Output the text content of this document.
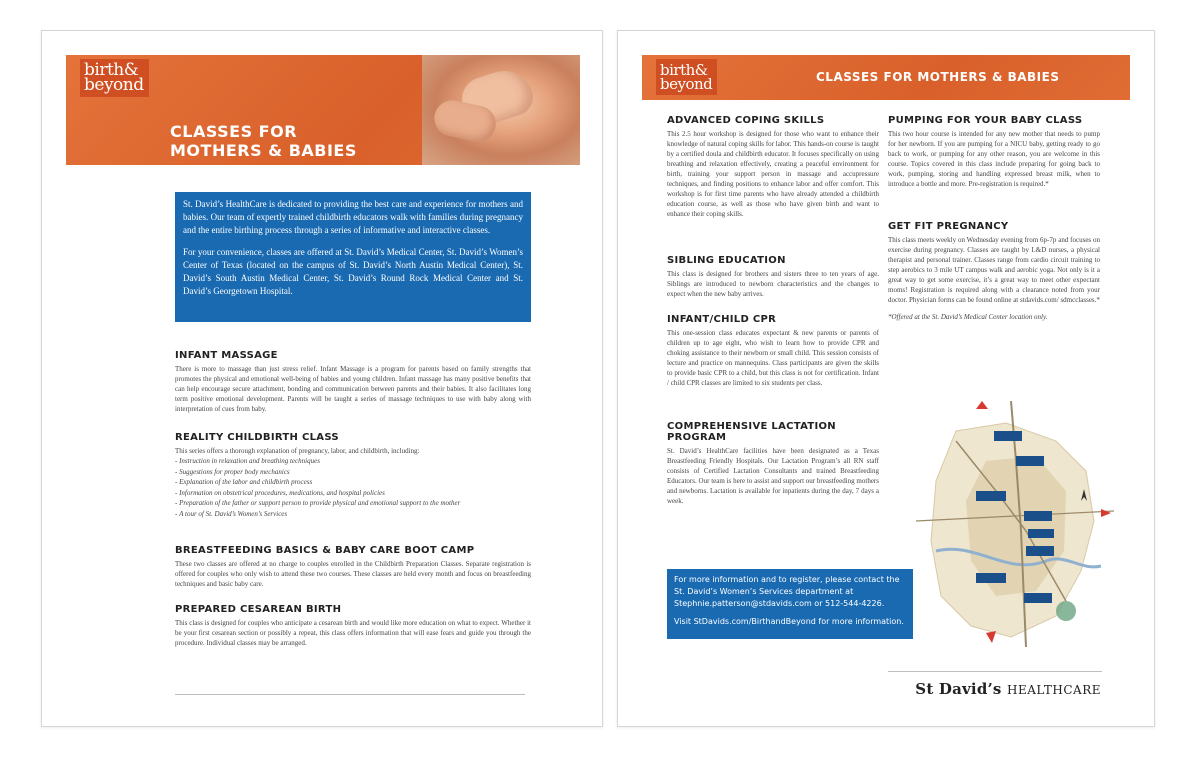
birth&
beyond
CLASSES FOR
MOTHERS & BABIES

St. David’s HealthCare is dedicated to providing the best care and experience for mothers and babies. Our team of expertly trained childbirth educators walk with families during pregnancy and the entire birthing process through a series of informative and interactive classes.

For your convenience, classes are offered at St. David’s Medical Center, St. David’s Women’s Center of Texas (located on the campus of St. David’s North Austin Medical Center), St. David’s South Austin Medical Center, St. David’s Round Rock Medical Center and St. David’s Georgetown Hospital.

INFANT MASSAGE

There is more to massage than just stress relief. Infant Massage is a program for parents based on family strengths that promotes the physical and emotional well-being of babies and young children. Infant massage has many positive benefits that can help encourage secure attachment, bonding and communication between parents and their babies. It also facilitates long term positive emotional development. Parents will be taught a series of massage techniques to use with baby along with interpretation of cues from baby.

REALITY CHILDBIRTH CLASS

This series offers a thorough explanation of pregnancy, labor, and childbirth, including:

- Instruction in relaxation and breathing techniques
- Suggestions for proper body mechanics
- Explanation of the labor and childbirth process
- Information on obstetrical procedures, medications, and hospital policies
- Preparation of the father or support person to provide physical and emotional support to the mother
- A tour of St. David’s Women’s Services
BREASTFEEDING BASICS & BABY CARE BOOT CAMP

These two classes are offered at no charge to couples enrolled in the Childbirth Preparation Classes. Separate registration is offered for couples who only wish to attend these two courses. These classes are held every month and focus on breastfeeding techniques and basic baby care.

PREPARED CESAREAN BIRTH

This class is designed for couples who anticipate a cesarean birth and would like more education on what to expect. Whether it be your first cesarean section or possibly a repeat, this class offers information that will ease fears and guide you through the procedure. Individual classes may be arranged.

birth&
beyond	CLASSES FOR MOTHERS & BABIES
ADVANCED COPING SKILLS

This 2.5 hour workshop is designed for those who want to enhance their knowledge of natural coping skills for labor. This hands-on course is taught by a certified doula and childbirth educator. It focuses specifically on using breathing and relaxation effectively, creating a peaceful environment for birth, training your support person in massage and accupressure techniques, and finding positions to enhance labor and offer comfort. This workshop is for first time parents who have already attended a childbirth education course, as well as those who have given birth and want to enhance their coping skills.

SIBLING EDUCATION

This class is designed for brothers and sisters three to ten years of age. Siblings are introduced to newborn characteristics and the changes to expect when the new baby arrives.

INFANT/CHILD CPR

This one-session class educates expectant & new parents or parents of children up to age eight, who wish to learn how to provide CPR and choking assistance to their newborn or small child. This session consists of lecture and practice on mannequins. Class participants are given the skills to provide basic CPR to a child, but this class is not for certification. Infant / child CPR classes are limited to six students per class.

COMPREHENSIVE LACTATION PROGRAM

St. David’s HealthCare facilities have been designated as a Texas Breastfeeding Friendly Hospitals. Our Lactation Program’s all RN staff consists of Certified Lactation Consultants and trained Breastfeeding Educators. Our team is here to assist and support our breastfeeding mothers and newborns. Lactation is available for inpatients during the day, 7 days a week.

PUMPING FOR YOUR BABY CLASS

This two hour course is intended for any new mother that needs to pump for her newborn. If you are pumping for a NICU baby, getting ready to go back to work, or pumping for any other reason, you are welcome in this course. Topics covered in this class include preparing for going back to work, pumping, storing and handling expressed breast milk, when to introduce a bottle and more. Pre-registration is required.*

GET FIT PREGNANCY

This class meets weekly on Wednesday evening from 6p-7p and focuses on exercise during pregnancy. Classes are taught by L&D nurses, a physical therapist and personal trainer. Classes range from cardio circuit training to step aerobics to 3 mile UT campus walk and aerobic yoga. Not only is it a great way to get some exercise, it’s a great way to meet other expectant moms! Registration is required along with a clearance noted from your doctor. Physician forms can be found online at stdavids.com/ sdmcclasses.*

*Offered at the St. David’s Medical Center location only.

For more information and to register, please contact the St. David’s Women’s Services department at Stephnie.patterson@stdavids.com or 512-544-4226.

Visit StDavids.com/BirthandBeyond for more information.

St David’s HEALTHCARE
